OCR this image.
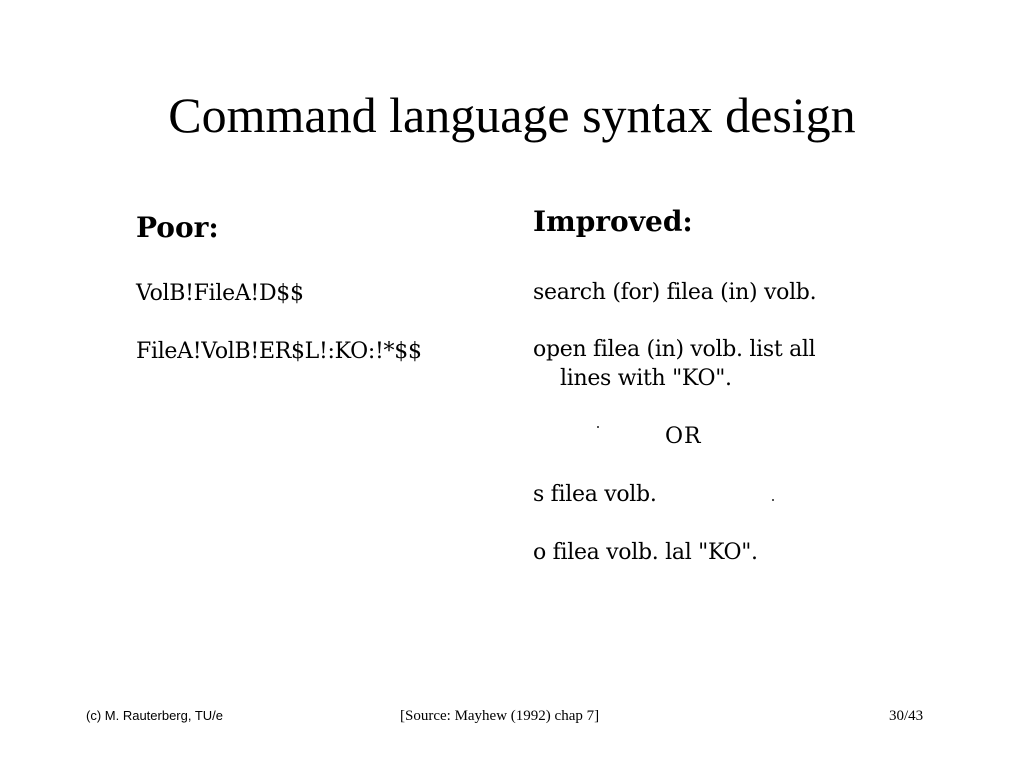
Command language syntax design
Poor:
VolB!FileA!D$$
FileA!VolB!ER$L!:KO:!*$$
Improved:
search (for) filea (in) volb.
open filea (in) volb. list all
lines with "KO".
OR
s filea volb.
o filea volb. lal "KO".
(c) M. Rauterberg, TU/e	[Source: Mayhew (1992) chap 7]	30/43
